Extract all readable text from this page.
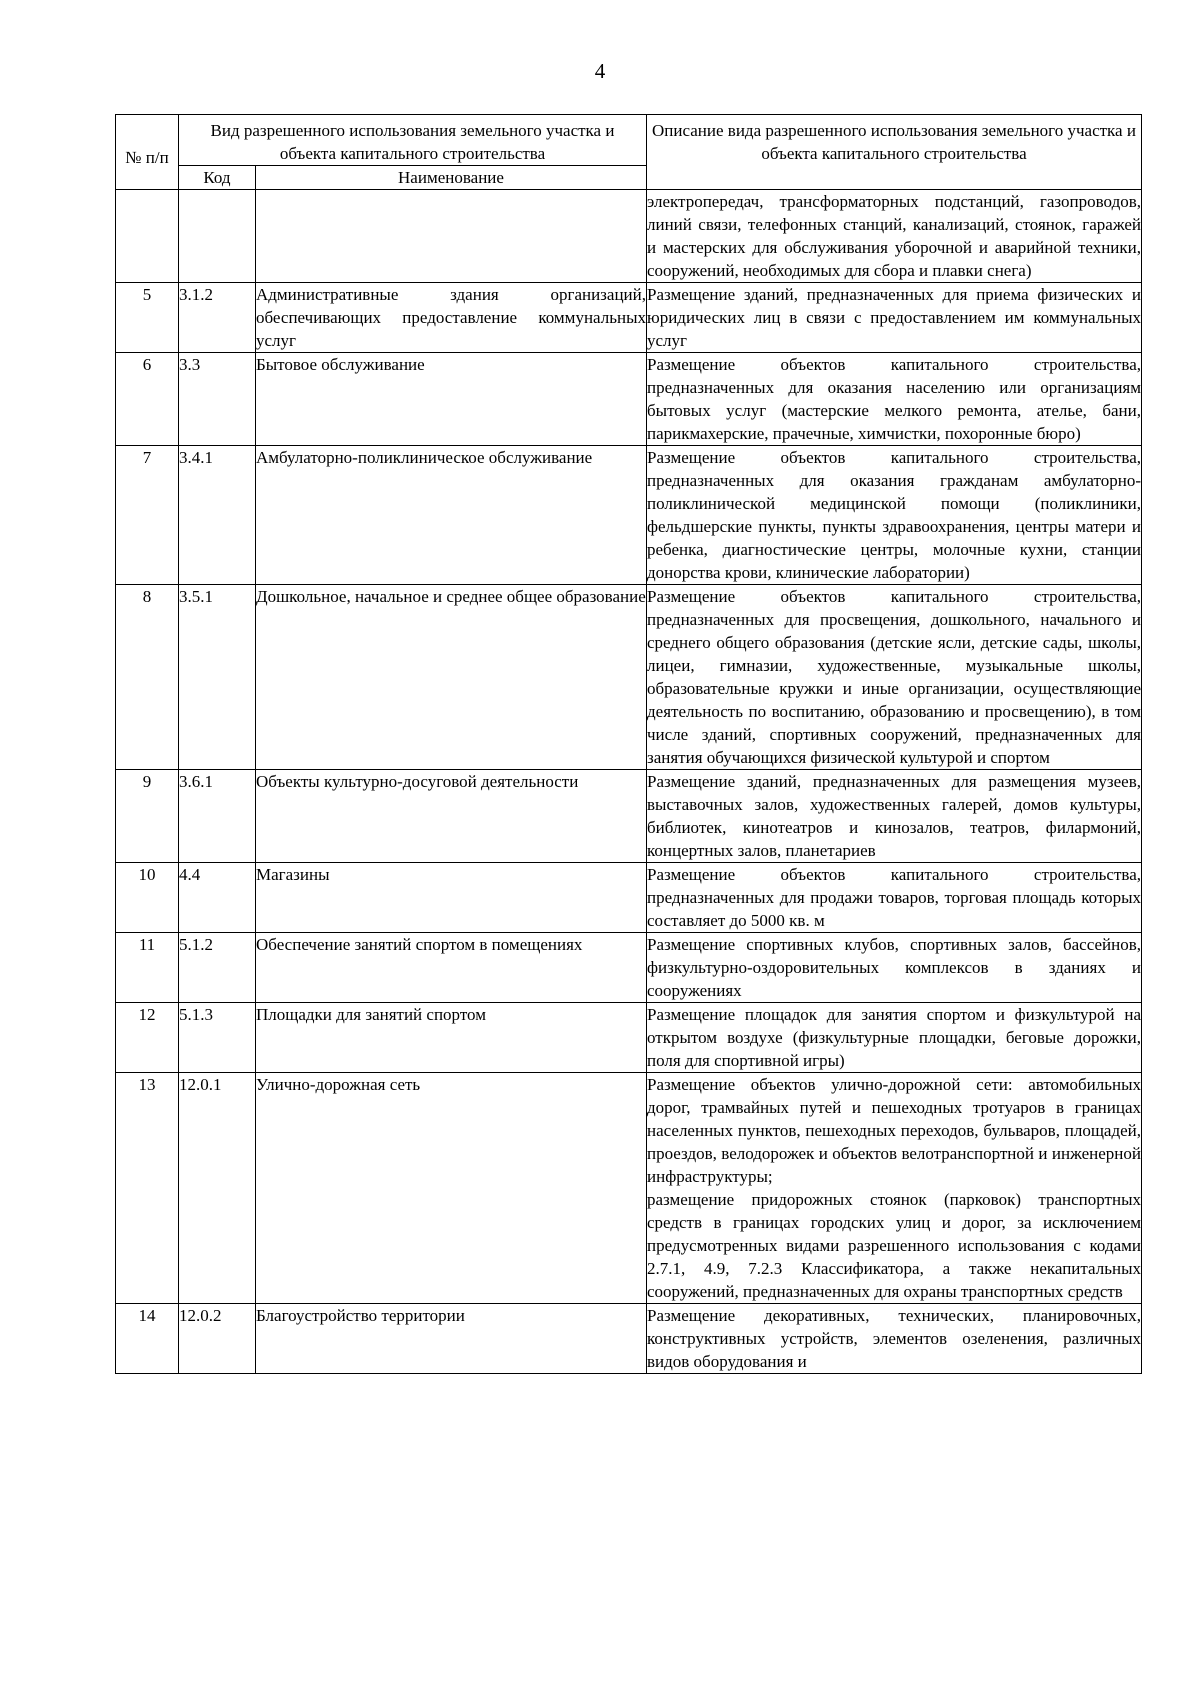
4
№ п/п	Вид разрешенного использования земельного участка и объекта капитального строительства		Описание вида разрешенного использования земельного участка и объекта капитального строительства

	Код	Наименование	

			электропередач, трансформаторных подстанций, газопроводов, линий связи, телефонных станций, канализаций, стоянок, гаражей и мастерских для обслуживания уборочной и аварийной техники, сооружений, необходимых для сбора и плавки снега)
5	3.1.2	Административные здания организаций, обеспечивающих предоставление коммунальных услуг	Размещение зданий, предназначенных для приема физических и юридических лиц в связи с предоставлением им коммунальных услуг
6	3.3	Бытовое обслуживание	Размещение объектов капитального строительства, предназначенных для оказания населению или организациям бытовых услуг (мастерские мелкого ремонта, ателье, бани, парикмахерские, прачечные, химчистки, похоронные бюро)
7	3.4.1	Амбулаторно-поликлиническое обслуживание	Размещение объектов капитального строительства, предназначенных для оказания гражданам амбулаторно-поликлинической медицинской помощи (поликлиники, фельдшерские пункты, пункты здравоохранения, центры матери и ребенка, диагностические центры, молочные кухни, станции донорства крови, клинические лаборатории)
8	3.5.1	Дошкольное, начальное и среднее общее образование	Размещение объектов капитального строительства, предназначенных для просвещения, дошкольного, начального и среднего общего образования (детские ясли, детские сады, школы, лицеи, гимназии, художественные, музыкальные школы, образовательные кружки и иные организации, осуществляющие деятельность по воспитанию, образованию и просвещению), в том числе зданий, спортивных сооружений, предназначенных для занятия обучающихся физической культурой и спортом
9	3.6.1	Объекты культурно-досуговой деятельности	Размещение зданий, предназначенных для размещения музеев, выставочных залов, художественных галерей, домов культуры, библиотек, кинотеатров и кинозалов, театров, филармоний, концертных залов, планетариев
10	4.4	Магазины	Размещение объектов капитального строительства, предназначенных для продажи товаров, торговая площадь которых составляет до 5000 кв. м
11	5.1.2	Обеспечение занятий спортом в помещениях	Размещение спортивных клубов, спортивных залов, бассейнов, физкультурно-оздоровительных комплексов в зданиях и сооружениях
12	5.1.3	Площадки для занятий спортом	Размещение площадок для занятия спортом и физкультурой на открытом воздухе (физкультурные площадки, беговые дорожки, поля для спортивной игры)
13	12.0.1	Улично-дорожная сеть	Размещение объектов улично-дорожной сети: автомобильных дорог, трамвайных путей и пешеходных тротуаров в границах населенных пунктов, пешеходных переходов, бульваров, площадей, проездов, велодорожек и объектов велотранспортной и инженерной инфраструктуры;
размещение придорожных стоянок (парковок) транспортных средств в границах городских улиц и дорог, за исключением предусмотренных видами разрешенного использования с кодами 2.7.1, 4.9, 7.2.3 Классификатора, а также некапитальных сооружений, предназначенных для охраны транспортных средств

14	12.0.2	Благоустройство территории	Размещение декоративных, технических, планировочных, конструктивных устройств, элементов озеленения, различных видов оборудования и
